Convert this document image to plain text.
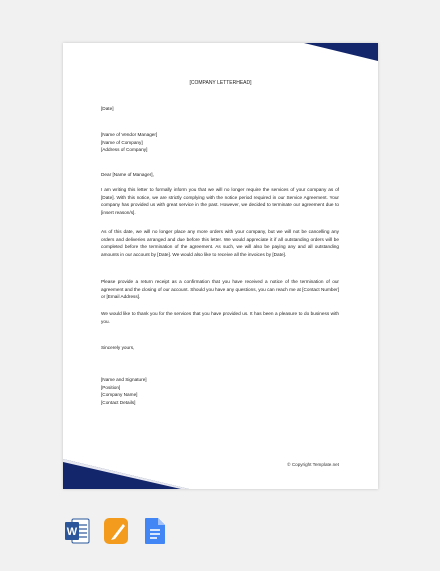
[COMPANY LETTERHEAD]
[Date]
[Name of Vendor Manager]
[Name of Company]
[Address of Company]
Dear [Name of Manager],
I am writing this letter to formally inform you that we will no longer require the services of your company as of [Date]. With this notice, we are strictly complying with the notice period required in our Service Agreement. Your company has provided us with great service in the past. However, we decided to terminate our agreement due to [insert reason/s].
As of this date, we will no longer place any more orders with your company, but we will not be cancelling any orders and deliveries arranged and due before this letter. We would appreciate it if all outstanding orders will be completed before the termination of the agreement. As such, we will also be paying any and all outstanding amounts in our account by [Date]. We would also like to receive all the invoices by [Date].
Please provide a return receipt as a confirmation that you have received a notice of the termination of our agreement and the closing of our account. Should you have any questions, you can reach me at [Contact Number] or [Email Address].
We would like to thank you for the services that you have provided us. It has been a pleasure to do business with you.
Sincerely yours,
[Name and Signature]
[Position]
[Company Name]
[Contact Details]
© Copyright Template.net
W
